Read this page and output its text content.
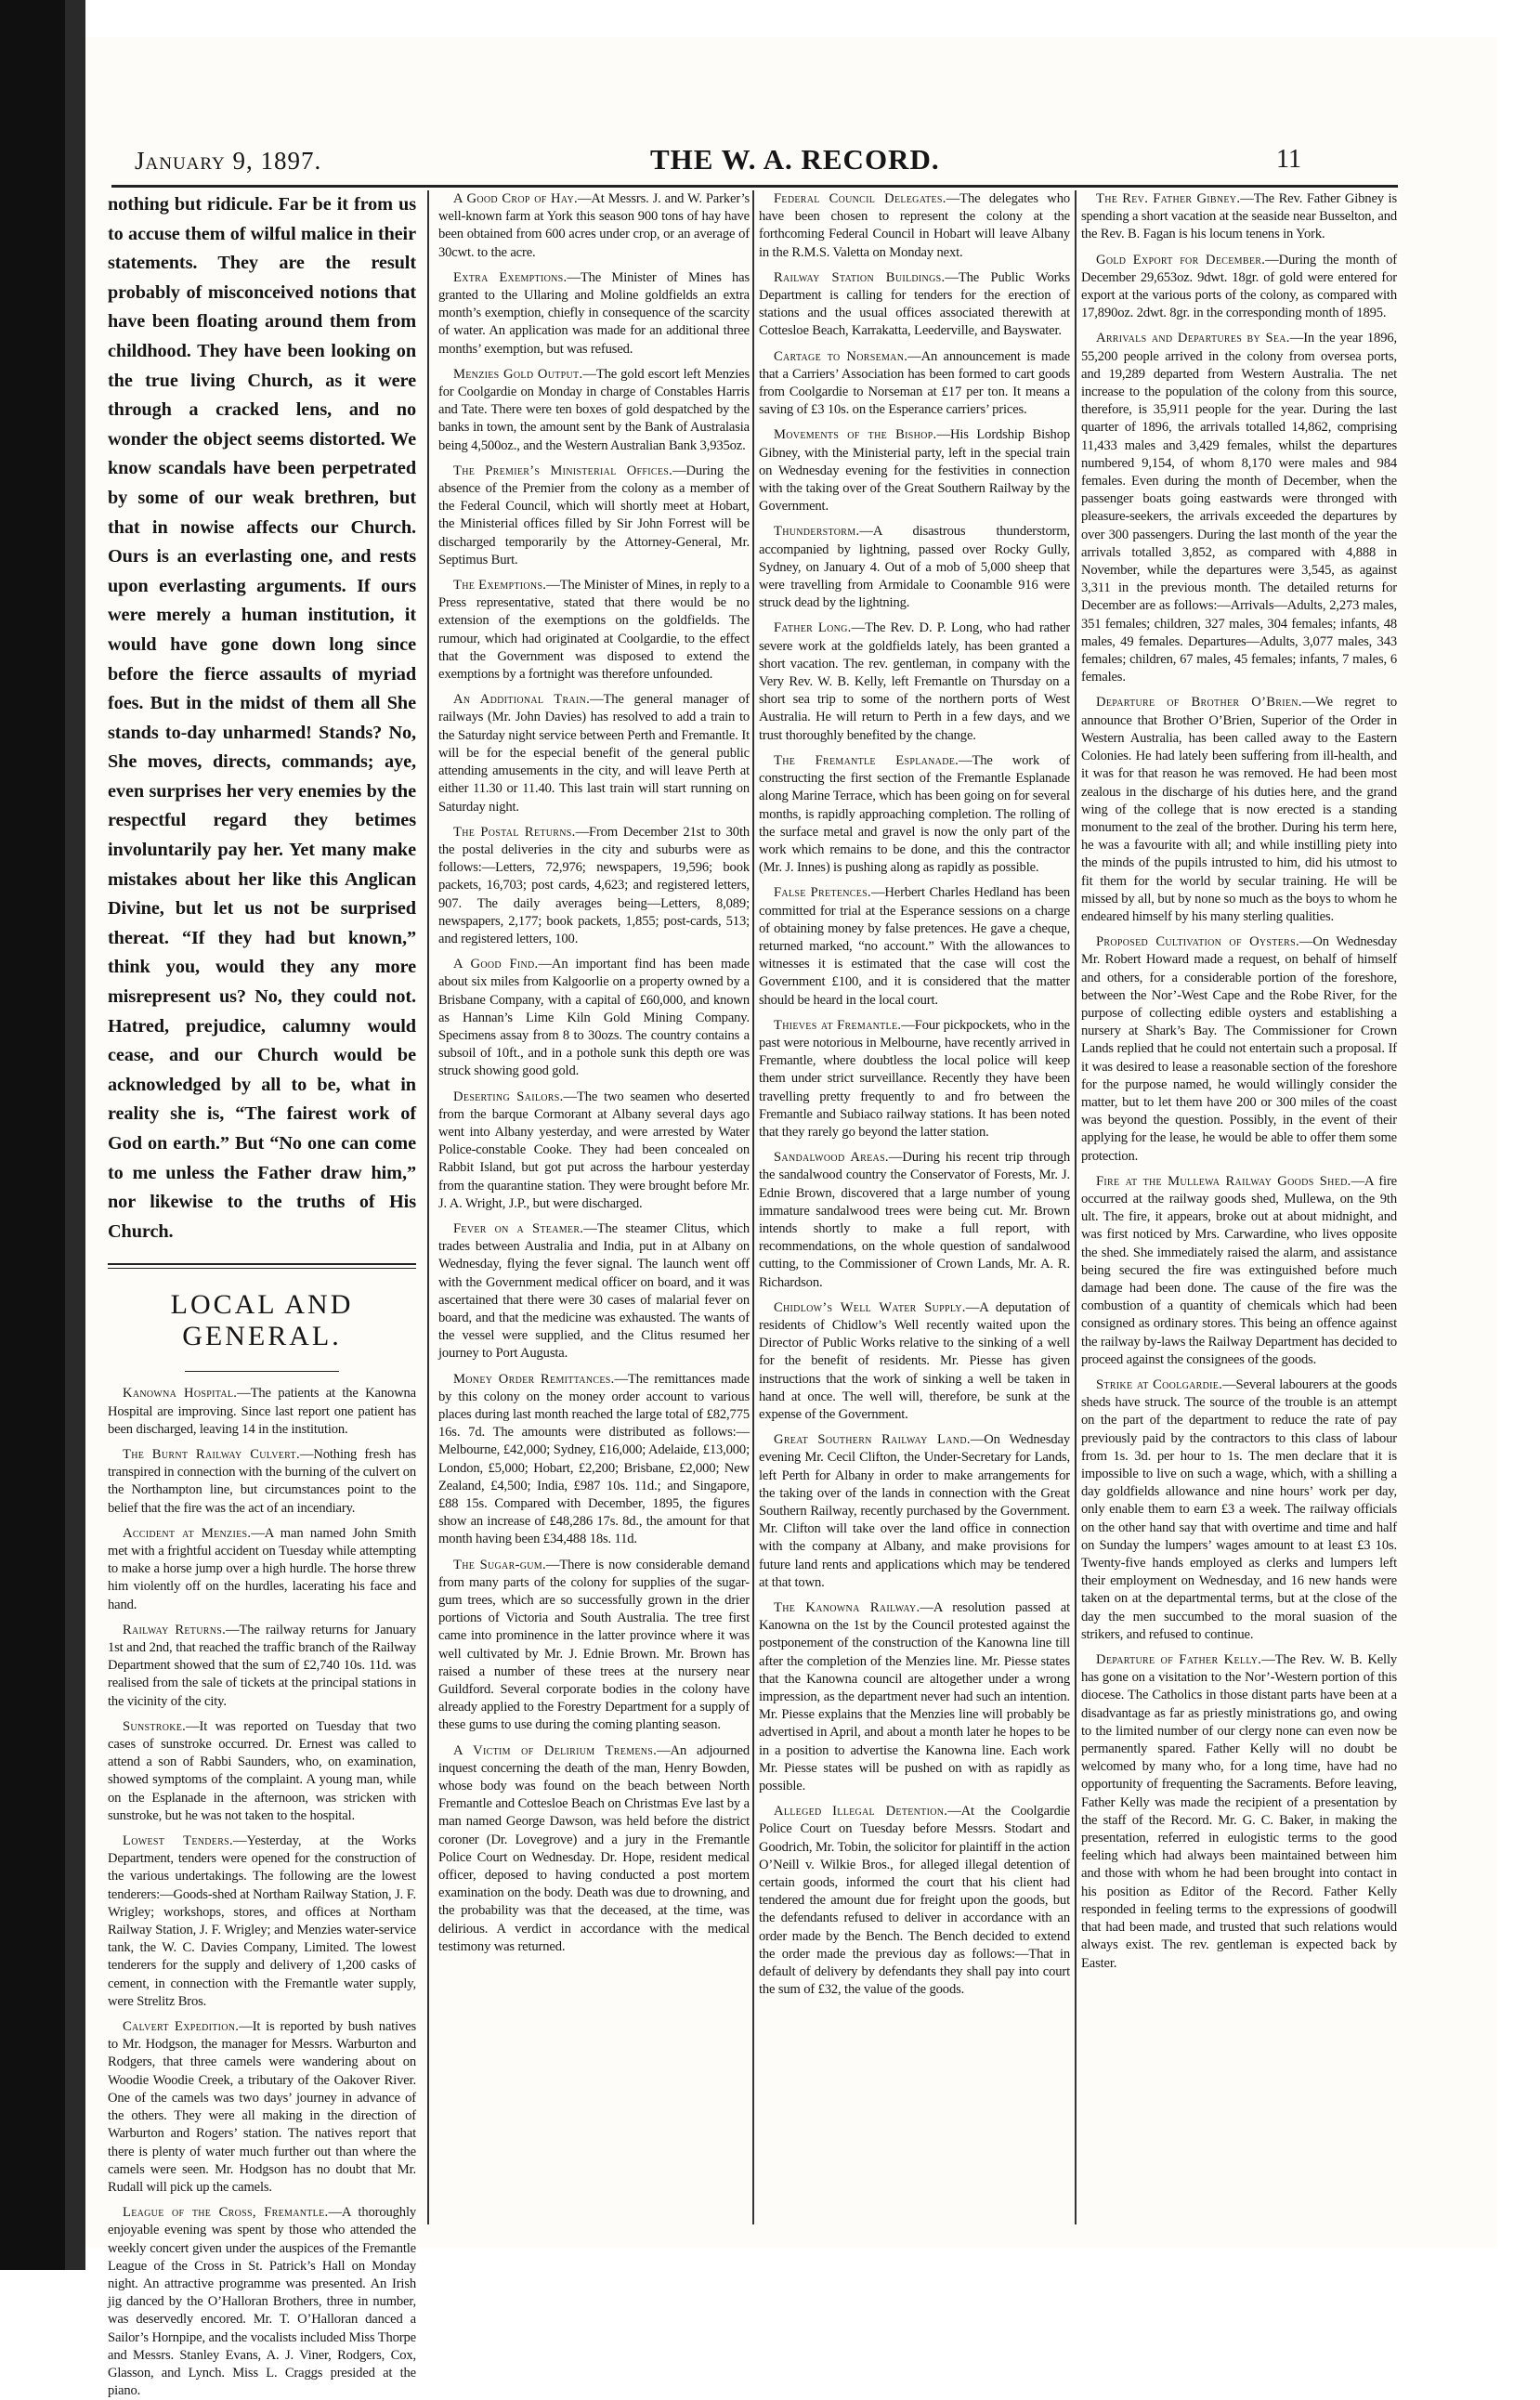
January 9, 1897.	THE W. A. RECORD.	11

nothing but ridicule. Far be it from us to accuse them of wilful malice in their statements. They are the result probably of misconceived notions that have been floating around them from childhood. They have been looking on the true living Church, as it were through a cracked lens, and no wonder the object seems distorted. We know scandals have been perpetrated by some of our weak brethren, but that in nowise affects our Church. Ours is an everlasting one, and rests upon everlasting arguments. If ours were merely a human institution, it would have gone down long since before the fierce assaults of myriad foes. But in the midst of them all She stands to-day unharmed! Stands? No, She moves, directs, commands; aye, even surprises her very enemies by the respectful regard they betimes involuntarily pay her. Yet many make mistakes about her like this Anglican Divine, but let us not be surprised thereat. “If they had but known,” think you, would they any more misrepresent us? No, they could not. Hatred, prejudice, calumny would cease, and our Church would be acknowledged by all to be, what in reality she is, “The fairest work of God on earth.” But “No one can come to me unless the Father draw him,” nor likewise to the truths of His Church.

LOCAL AND GENERAL.

Kanowna Hospital.—The patients at the Kanowna Hospital are improving. Since last report one patient has been discharged, leaving 14 in the institution.

The Burnt Railway Culvert.—Nothing fresh has transpired in connection with the burning of the culvert on the Northampton line, but circumstances point to the belief that the fire was the act of an incendiary.

Accident at Menzies.—A man named John Smith met with a frightful accident on Tuesday while attempting to make a horse jump over a high hurdle. The horse threw him violently off on the hurdles, lacerating his face and hand.

Railway Returns.—The railway returns for January 1st and 2nd, that reached the traffic branch of the Railway Department showed that the sum of £2,740 10s. 11d. was realised from the sale of tickets at the principal stations in the vicinity of the city.

Sunstroke.—It was reported on Tuesday that two cases of sunstroke occurred. Dr. Ernest was called to attend a son of Rabbi Saunders, who, on examination, showed symptoms of the complaint. A young man, while on the Esplanade in the afternoon, was stricken with sunstroke, but he was not taken to the hospital.

Lowest Tenders.—Yesterday, at the Works Department, tenders were opened for the construction of the various undertakings. The following are the lowest tenderers:—Goods-shed at Northam Railway Station, J. F. Wrigley; workshops, stores, and offices at Northam Railway Station, J. F. Wrigley; and Menzies water-service tank, the W. C. Davies Company, Limited. The lowest tenderers for the supply and delivery of 1,200 casks of cement, in connection with the Fremantle water supply, were Strelitz Bros.

Calvert Expedition.—It is reported by bush natives to Mr. Hodgson, the manager for Messrs. Warburton and Rodgers, that three camels were wandering about on Woodie Woodie Creek, a tributary of the Oakover River. One of the camels was two days’ journey in advance of the others. They were all making in the direction of Warburton and Rogers’ station. The natives report that there is plenty of water much further out than where the camels were seen. Mr. Hodgson has no doubt that Mr. Rudall will pick up the camels.

League of the Cross, Fremantle.—A thoroughly enjoyable evening was spent by those who attended the weekly concert given under the auspices of the Fremantle League of the Cross in St. Patrick’s Hall on Monday night. An attractive programme was presented. An Irish jig danced by the O’Halloran Brothers, three in number, was deservedly encored. Mr. T. O’Halloran danced a Sailor’s Hornpipe, and the vocalists included Miss Thorpe and Messrs. Stanley Evans, A. J. Viner, Rodgers, Cox, Glasson, and Lynch. Miss L. Craggs presided at the piano.

A Good Crop of Hay.—At Messrs. J. and W. Parker’s well-known farm at York this season 900 tons of hay have been obtained from 600 acres under crop, or an average of 30cwt. to the acre.

Extra Exemptions.—The Minister of Mines has granted to the Ullaring and Moline goldfields an extra month’s exemption, chiefly in consequence of the scarcity of water. An application was made for an additional three months’ exemption, but was refused.

Menzies Gold Output.—The gold escort left Menzies for Coolgardie on Monday in charge of Constables Harris and Tate. There were ten boxes of gold despatched by the banks in town, the amount sent by the Bank of Australasia being 4,500oz., and the Western Australian Bank 3,935oz.

The Premier’s Ministerial Offices.—During the absence of the Premier from the colony as a member of the Federal Council, which will shortly meet at Hobart, the Ministerial offices filled by Sir John Forrest will be discharged temporarily by the Attorney-General, Mr. Septimus Burt.

The Exemptions.—The Minister of Mines, in reply to a Press representative, stated that there would be no extension of the exemptions on the goldfields. The rumour, which had originated at Coolgardie, to the effect that the Government was disposed to extend the exemptions by a fortnight was therefore unfounded.

An Additional Train.—The general manager of railways (Mr. John Davies) has resolved to add a train to the Saturday night service between Perth and Fremantle. It will be for the especial benefit of the general public attending amusements in the city, and will leave Perth at either 11.30 or 11.40. This last train will start running on Saturday night.

The Postal Returns.—From December 21st to 30th the postal deliveries in the city and suburbs were as follows:—Letters, 72,976; newspapers, 19,596; book packets, 16,703; post cards, 4,623; and registered letters, 907. The daily averages being—Letters, 8,089; newspapers, 2,177; book packets, 1,855; post-cards, 513; and registered letters, 100.

A Good Find.—An important find has been made about six miles from Kalgoorlie on a property owned by a Brisbane Company, with a capital of £60,000, and known as Hannan’s Lime Kiln Gold Mining Company. Specimens assay from 8 to 30ozs. The country contains a subsoil of 10ft., and in a pothole sunk this depth ore was struck showing good gold.

Deserting Sailors.—The two seamen who deserted from the barque Cormorant at Albany several days ago went into Albany yesterday, and were arrested by Water Police-constable Cooke. They had been concealed on Rabbit Island, but got put across the harbour yesterday from the quarantine station. They were brought before Mr. J. A. Wright, J.P., but were discharged.

Fever on a Steamer.—The steamer Clitus, which trades between Australia and India, put in at Albany on Wednesday, flying the fever signal. The launch went off with the Government medical officer on board, and it was ascertained that there were 30 cases of malarial fever on board, and that the medicine was exhausted. The wants of the vessel were supplied, and the Clitus resumed her journey to Port Augusta.

Money Order Remittances.—The remittances made by this colony on the money order account to various places during last month reached the large total of £82,775 16s. 7d. The amounts were distributed as follows:—Melbourne, £42,000; Sydney, £16,000; Adelaide, £13,000; London, £5,000; Hobart, £2,200; Brisbane, £2,000; New Zealand, £4,500; India, £987 10s. 11d.; and Singapore, £88 15s. Compared with December, 1895, the figures show an increase of £48,286 17s. 8d., the amount for that month having been £34,488 18s. 11d.

The Sugar-gum.—There is now considerable demand from many parts of the colony for supplies of the sugar-gum trees, which are so successfully grown in the drier portions of Victoria and South Australia. The tree first came into prominence in the latter province where it was well cultivated by Mr. J. Ednie Brown. Mr. Brown has raised a number of these trees at the nursery near Guildford. Several corporate bodies in the colony have already applied to the Forestry Department for a supply of these gums to use during the coming planting season.

A Victim of Delirium Tremens.—An adjourned inquest concerning the death of the man, Henry Bowden, whose body was found on the beach between North Fremantle and Cottesloe Beach on Christmas Eve last by a man named George Dawson, was held before the district coroner (Dr. Lovegrove) and a jury in the Fremantle Police Court on Wednesday. Dr. Hope, resident medical officer, deposed to having conducted a post mortem examination on the body. Death was due to drowning, and the probability was that the deceased, at the time, was delirious. A verdict in accordance with the medical testimony was returned.

Federal Council Delegates.—The delegates who have been chosen to represent the colony at the forthcoming Federal Council in Hobart will leave Albany in the R.M.S. Valetta on Monday next.

Railway Station Buildings.—The Public Works Department is calling for tenders for the erection of stations and the usual offices associated therewith at Cottesloe Beach, Karrakatta, Leederville, and Bayswater.

Cartage to Norseman.—An announcement is made that a Carriers’ Association has been formed to cart goods from Coolgardie to Norseman at £17 per ton. It means a saving of £3 10s. on the Esperance carriers’ prices.

Movements of the Bishop.—His Lordship Bishop Gibney, with the Ministerial party, left in the special train on Wednesday evening for the festivities in connection with the taking over of the Great Southern Railway by the Government.

Thunderstorm.—A disastrous thunderstorm, accompanied by lightning, passed over Rocky Gully, Sydney, on January 4. Out of a mob of 5,000 sheep that were travelling from Armidale to Coonamble 916 were struck dead by the lightning.

Father Long.—The Rev. D. P. Long, who had rather severe work at the goldfields lately, has been granted a short vacation. The rev. gentleman, in company with the Very Rev. W. B. Kelly, left Fremantle on Thursday on a short sea trip to some of the northern ports of West Australia. He will return to Perth in a few days, and we trust thoroughly benefited by the change.

The Fremantle Esplanade.—The work of constructing the first section of the Fremantle Esplanade along Marine Terrace, which has been going on for several months, is rapidly approaching completion. The rolling of the surface metal and gravel is now the only part of the work which remains to be done, and this the contractor (Mr. J. Innes) is pushing along as rapidly as possible.

False Pretences.—Herbert Charles Hedland has been committed for trial at the Esperance sessions on a charge of obtaining money by false pretences. He gave a cheque, returned marked, “no account.” With the allowances to witnesses it is estimated that the case will cost the Government £100, and it is considered that the matter should be heard in the local court.

Thieves at Fremantle.—Four pickpockets, who in the past were notorious in Melbourne, have recently arrived in Fremantle, where doubtless the local police will keep them under strict surveillance. Recently they have been travelling pretty frequently to and fro between the Fremantle and Subiaco railway stations. It has been noted that they rarely go beyond the latter station.

Sandalwood Areas.—During his recent trip through the sandalwood country the Conservator of Forests, Mr. J. Ednie Brown, discovered that a large number of young immature sandalwood trees were being cut. Mr. Brown intends shortly to make a full report, with recommendations, on the whole question of sandalwood cutting, to the Commissioner of Crown Lands, Mr. A. R. Richardson.

Chidlow’s Well Water Supply.—A deputation of residents of Chidlow’s Well recently waited upon the Director of Public Works relative to the sinking of a well for the benefit of residents. Mr. Piesse has given instructions that the work of sinking a well be taken in hand at once. The well will, therefore, be sunk at the expense of the Government.

Great Southern Railway Land.—On Wednesday evening Mr. Cecil Clifton, the Under-Secretary for Lands, left Perth for Albany in order to make arrangements for the taking over of the lands in connection with the Great Southern Railway, recently purchased by the Government. Mr. Clifton will take over the land office in connection with the company at Albany, and make provisions for future land rents and applications which may be tendered at that town.

The Kanowna Railway.—A resolution passed at Kanowna on the 1st by the Council protested against the postponement of the construction of the Kanowna line till after the completion of the Menzies line. Mr. Piesse states that the Kanowna council are altogether under a wrong impression, as the department never had such an intention. Mr. Piesse explains that the Menzies line will probably be advertised in April, and about a month later he hopes to be in a position to advertise the Kanowna line. Each work Mr. Piesse states will be pushed on with as rapidly as possible.

Alleged Illegal Detention.—At the Coolgardie Police Court on Tuesday before Messrs. Stodart and Goodrich, Mr. Tobin, the solicitor for plaintiff in the action O’Neill v. Wilkie Bros., for alleged illegal detention of certain goods, informed the court that his client had tendered the amount due for freight upon the goods, but the defendants refused to deliver in accordance with an order made by the Bench. The Bench decided to extend the order made the previous day as follows:—That in default of delivery by defendants they shall pay into court the sum of £32, the value of the goods.

The Rev. Father Gibney.—The Rev. Father Gibney is spending a short vacation at the seaside near Busselton, and the Rev. B. Fagan is his locum tenens in York.

Gold Export for December.—During the month of December 29,653oz. 9dwt. 18gr. of gold were entered for export at the various ports of the colony, as compared with 17,890oz. 2dwt. 8gr. in the corresponding month of 1895.

Arrivals and Departures by Sea.—In the year 1896, 55,200 people arrived in the colony from oversea ports, and 19,289 departed from Western Australia. The net increase to the population of the colony from this source, therefore, is 35,911 people for the year. During the last quarter of 1896, the arrivals totalled 14,862, comprising 11,433 males and 3,429 females, whilst the departures numbered 9,154, of whom 8,170 were males and 984 females. Even during the month of December, when the passenger boats going eastwards were thronged with pleasure-seekers, the arrivals exceeded the departures by over 300 passengers. During the last month of the year the arrivals totalled 3,852, as compared with 4,888 in November, while the departures were 3,545, as against 3,311 in the previous month. The detailed returns for December are as follows:—Arrivals—Adults, 2,273 males, 351 females; children, 327 males, 304 females; infants, 48 males, 49 females. Departures—Adults, 3,077 males, 343 females; children, 67 males, 45 females; infants, 7 males, 6 females.

Departure of Brother O’Brien.—We regret to announce that Brother O’Brien, Superior of the Order in Western Australia, has been called away to the Eastern Colonies. He had lately been suffering from ill-health, and it was for that reason he was removed. He had been most zealous in the discharge of his duties here, and the grand wing of the college that is now erected is a standing monument to the zeal of the brother. During his term here, he was a favourite with all; and while instilling piety into the minds of the pupils intrusted to him, did his utmost to fit them for the world by secular training. He will be missed by all, but by none so much as the boys to whom he endeared himself by his many sterling qualities.

Proposed Cultivation of Oysters.—On Wednesday Mr. Robert Howard made a request, on behalf of himself and others, for a considerable portion of the foreshore, between the Nor’-West Cape and the Robe River, for the purpose of collecting edible oysters and establishing a nursery at Shark’s Bay. The Commissioner for Crown Lands replied that he could not entertain such a proposal. If it was desired to lease a reasonable section of the foreshore for the purpose named, he would willingly consider the matter, but to let them have 200 or 300 miles of the coast was beyond the question. Possibly, in the event of their applying for the lease, he would be able to offer them some protection.

Fire at the Mullewa Railway Goods Shed.—A fire occurred at the railway goods shed, Mullewa, on the 9th ult. The fire, it appears, broke out at about midnight, and was first noticed by Mrs. Carwardine, who lives opposite the shed. She immediately raised the alarm, and assistance being secured the fire was extinguished before much damage had been done. The cause of the fire was the combustion of a quantity of chemicals which had been consigned as ordinary stores. This being an offence against the railway by-laws the Railway Department has decided to proceed against the consignees of the goods.

Strike at Coolgardie.—Several labourers at the goods sheds have struck. The source of the trouble is an attempt on the part of the department to reduce the rate of pay previously paid by the contractors to this class of labour from 1s. 3d. per hour to 1s. The men declare that it is impossible to live on such a wage, which, with a shilling a day goldfields allowance and nine hours’ work per day, only enable them to earn £3 a week. The railway officials on the other hand say that with overtime and time and half on Sunday the lumpers’ wages amount to at least £3 10s. Twenty-five hands employed as clerks and lumpers left their employment on Wednesday, and 16 new hands were taken on at the departmental terms, but at the close of the day the men succumbed to the moral suasion of the strikers, and refused to continue.

Departure of Father Kelly.—The Rev. W. B. Kelly has gone on a visitation to the Nor’-Western portion of this diocese. The Catholics in those distant parts have been at a disadvantage as far as priestly ministrations go, and owing to the limited number of our clergy none can even now be permanently spared. Father Kelly will no doubt be welcomed by many who, for a long time, have had no opportunity of frequenting the Sacraments. Before leaving, Father Kelly was made the recipient of a presentation by the staff of the Record. Mr. G. C. Baker, in making the presentation, referred in eulogistic terms to the good feeling which had always been maintained between him and those with whom he had been brought into contact in his position as Editor of the Record. Father Kelly responded in feeling terms to the expressions of goodwill that had been made, and trusted that such relations would always exist. The rev. gentleman is expected back by Easter.
